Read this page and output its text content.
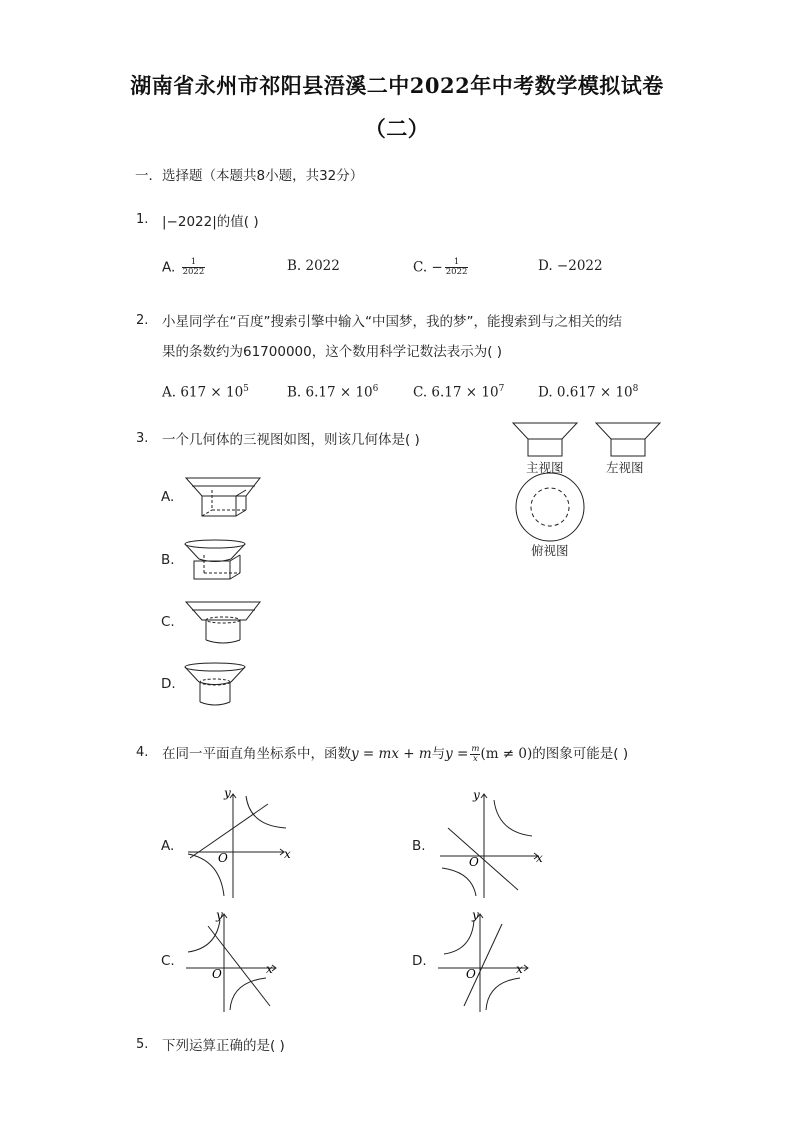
湖南省永州市祁阳县浯溪二中2022年中考数学模拟试卷
（二）
一．选择题（本题共8小题，共32分）
1. |−2022|的值( )
A. $\frac{1}{2022}$	B. 2022	C. − $\frac{1}{2022}$	D. −2022
2. 小星同学在“百度”搜索引擎中输入“中国梦，我的梦”，能搜索到与之相关的结
果的条数约为61700000，这个数用科学记数法表示为( )
A. $617 \times 10^5$	B. $6.17 \times 10^6$	C. $6.17 \times 10^7$ D. $0.617 \times 10^8$
3. 一个几何体的三视图如图，则该几何体是( )
主视图	左视图
俯视图
A.
B.
C.
D.
4. 在同一平面直角坐标系中，函数y = mx + m与$y = \frac{m}{x} (m \ne 0)$的图象可能是( )
A.
y
x
O
B.
y
x
O
C.
y
x
O
D.
y
x
O
5. 下列运算正确的是( )
